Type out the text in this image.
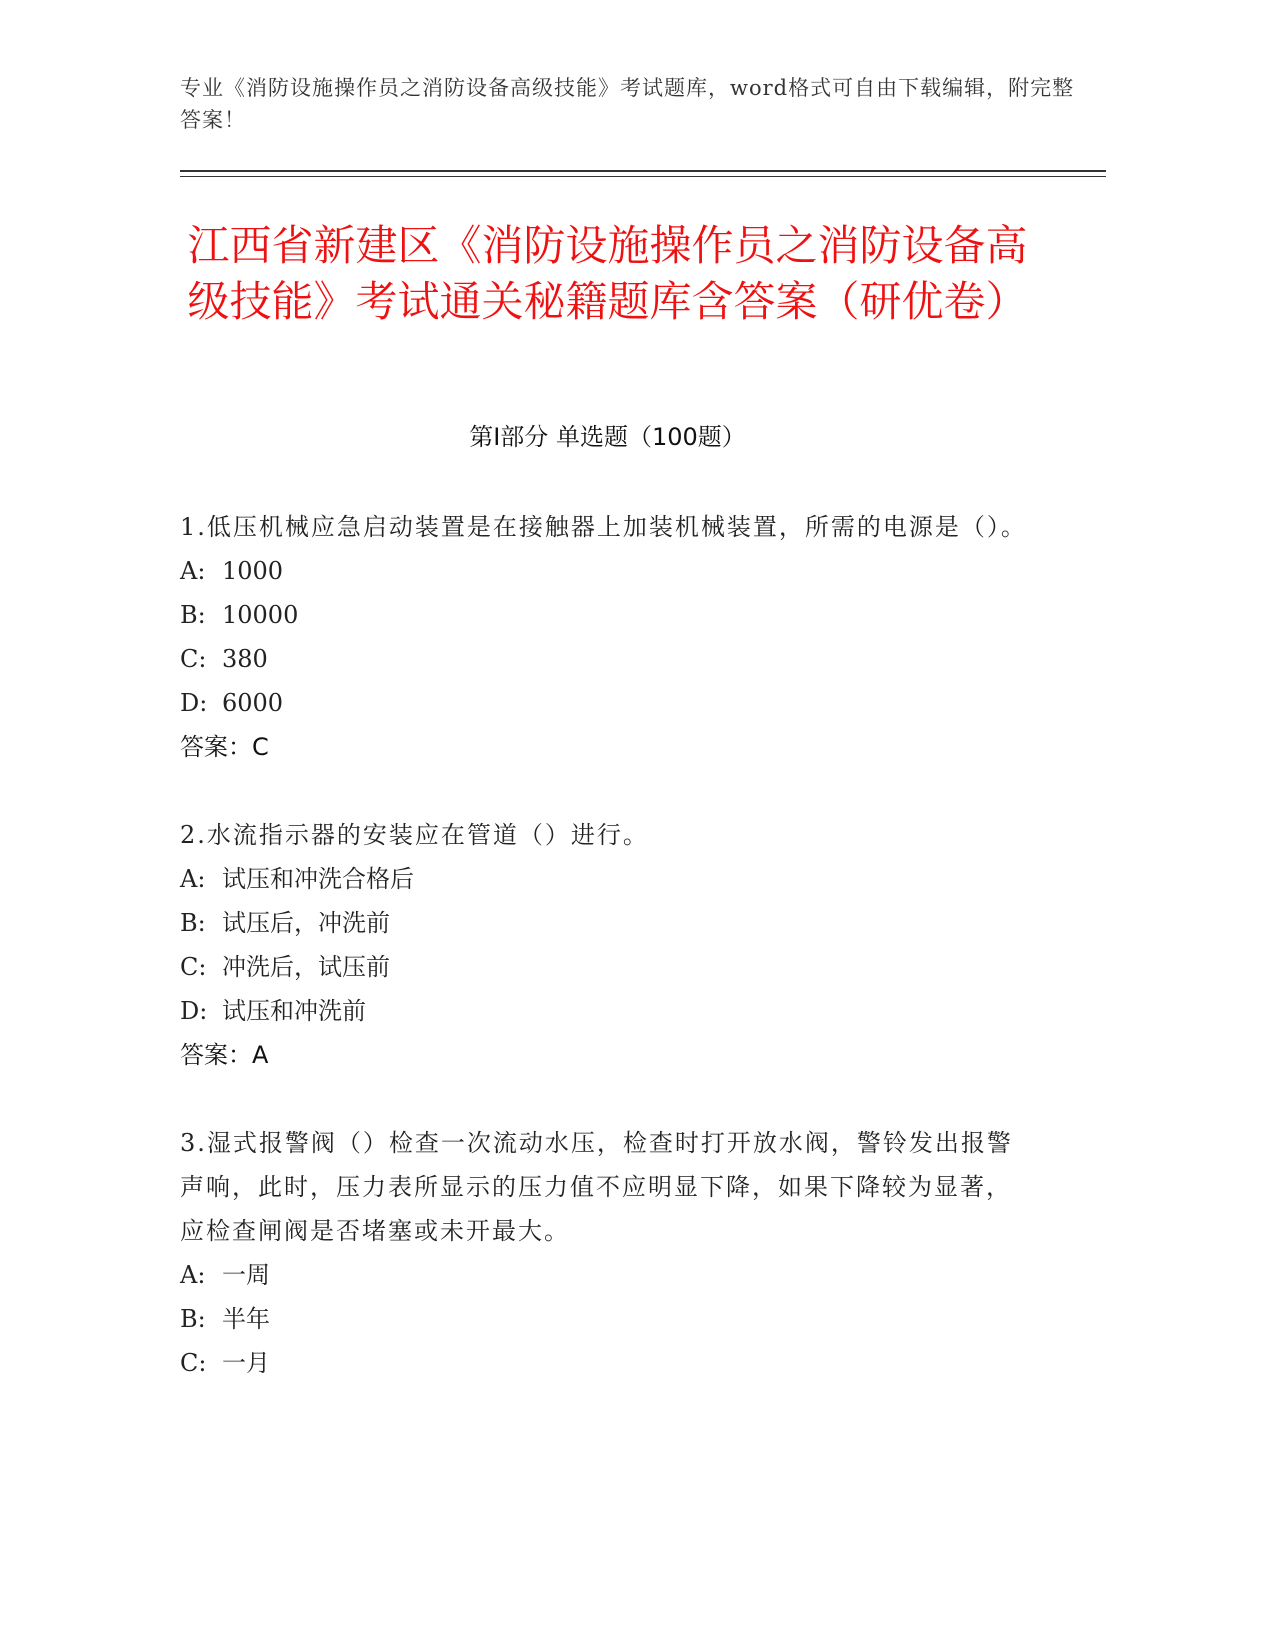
专业《消防设施操作员之消防设备高级技能》考试题库，word格式可自由下载编辑，附完整答案！
江西省新建区《消防设施操作员之消防设备高级技能》考试通关秘籍题库含答案（研优卷）
第I部分 单选题（100题）
1.低压机械应急启动装置是在接触器上加装机械装置，所需的电源是（）。
A: 1000
B: 10000
C: 380
D: 6000
答案：C
2.水流指示器的安装应在管道（）进行。
A: 试压和冲洗合格后
B: 试压后，冲洗前
C: 冲洗后，试压前
D: 试压和冲洗前
答案：A
3.湿式报警阀（）检查一次流动水压，检查时打开放水阀，警铃发出报警声响，此时，压力表所显示的压力值不应明显下降，如果下降较为显著，应检查闸阀是否堵塞或未开最大。
A: 一周
B: 半年
C: 一月
